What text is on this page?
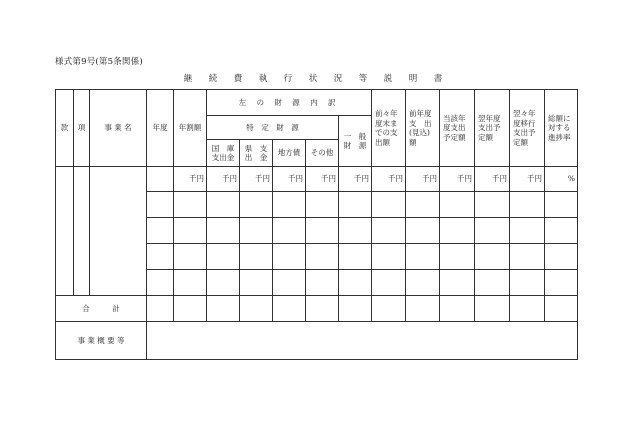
様式第9号(第5条関係)
継　続　費　執　行　状　況　等　説　明　書
款	項	事 業 名	年度	年割額	左 の 財 源 内 訳					前々年
度末ま
での支
出額	前年度
支　出
(見込)
額	当該年
度支出
予定額	翌年度
支出予
定額	翌々年
度移行
支出予
定額	総額に
対する
進捗率

					特　定　財　源				一　般
財　源						
					国　庫
支出金	県　支
出　金	地方債	その他							

				千円	千円	千円	千円	千円	千円	千円	千円	千円	千円	千円	%

合　　　計															
事 業 概 要 等															
